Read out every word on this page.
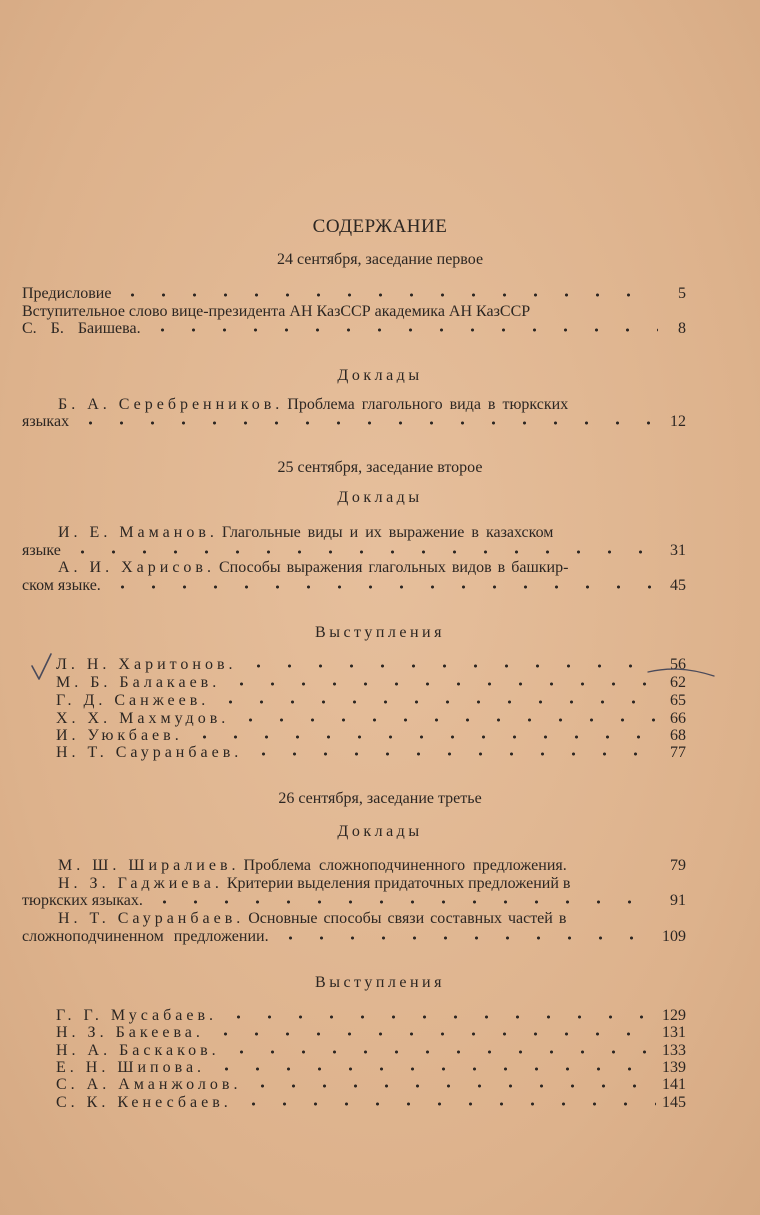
СОДЕРЖАНИЕ
24 сентября, заседание первое
Предисловие	5
Вступительное слово вице-президента АН КазССР академика АН КазССР
С. Б. Баишева.	8
Доклады
Б. А. Серебренников. Проблема глагольного вида в тюркских
языках	12
25 сентября, заседание второе
Доклады
И. Е. Маманов. Глагольные виды и их выражение в казахском
языке	31
А. И. Харисов. Способы выражения глагольных видов в башкир-
ском языке.	45
Выступления
Л. Н. Харитонов.	56
М. Б. Балакаев.	62
Г. Д. Санжеев.	65
Х. Х. Махмудов.	66
И. Уюкбаев.	68
Н. Т. Сауранбаев.	77
26 сентября, заседание третье
Доклады
М. Ш. Ширалиев. Проблема сложноподчиненного предложения.	79
Н. З. Гаджиева. Критерии выделения придаточных предложений в
тюркских языках.	91
Н. Т. Сауранбаев. Основные способы связи составных частей в
сложноподчиненном предложении.	109
Выступления
Г. Г. Мусабаев.	129
Н. З. Бакеева.	131
Н. А. Баскаков.	133
Е. Н. Шипова.	139
С. А. Аманжолов.	141
С. К. Кенесбаев.	145
